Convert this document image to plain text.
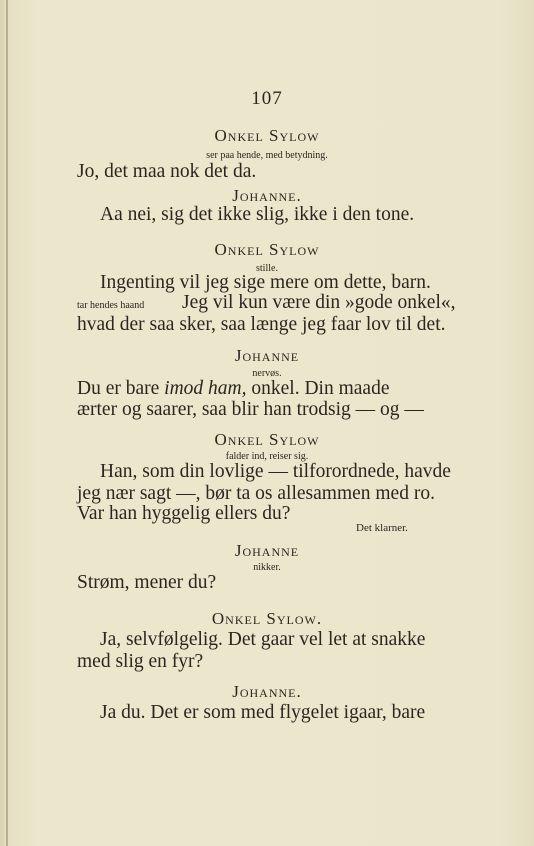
107
Onkel Sylow
ser paa hende, med betydning.
Jo, det maa nok det da.
Johanne.
Aa nei, sig det ikke slig, ikke i den tone.
Onkel Sylow
stille.
Ingenting vil jeg sige mere om dette, barn.
tar hendes haand Jeg vil kun være din »gode onkel«,
hvad der saa sker, saa længe jeg faar lov til det.
Johanne
nervøs.
Du er bare imod ham, onkel. Din maade
ærter og saarer, saa blir han trodsig — og —
Onkel Sylow
falder ind, reiser sig.
Han, som din lovlige — tilforordnede, havde
jeg nær sagt —, bør ta os allesammen med ro.
Var han hyggelig ellers du?
Det klarner.
Johanne
nikker.
Strøm, mener du?
Onkel Sylow.
Ja, selvfølgelig. Det gaar vel let at snakke
med slig en fyr?
Johanne.
Ja du. Det er som med flygelet igaar, bare
